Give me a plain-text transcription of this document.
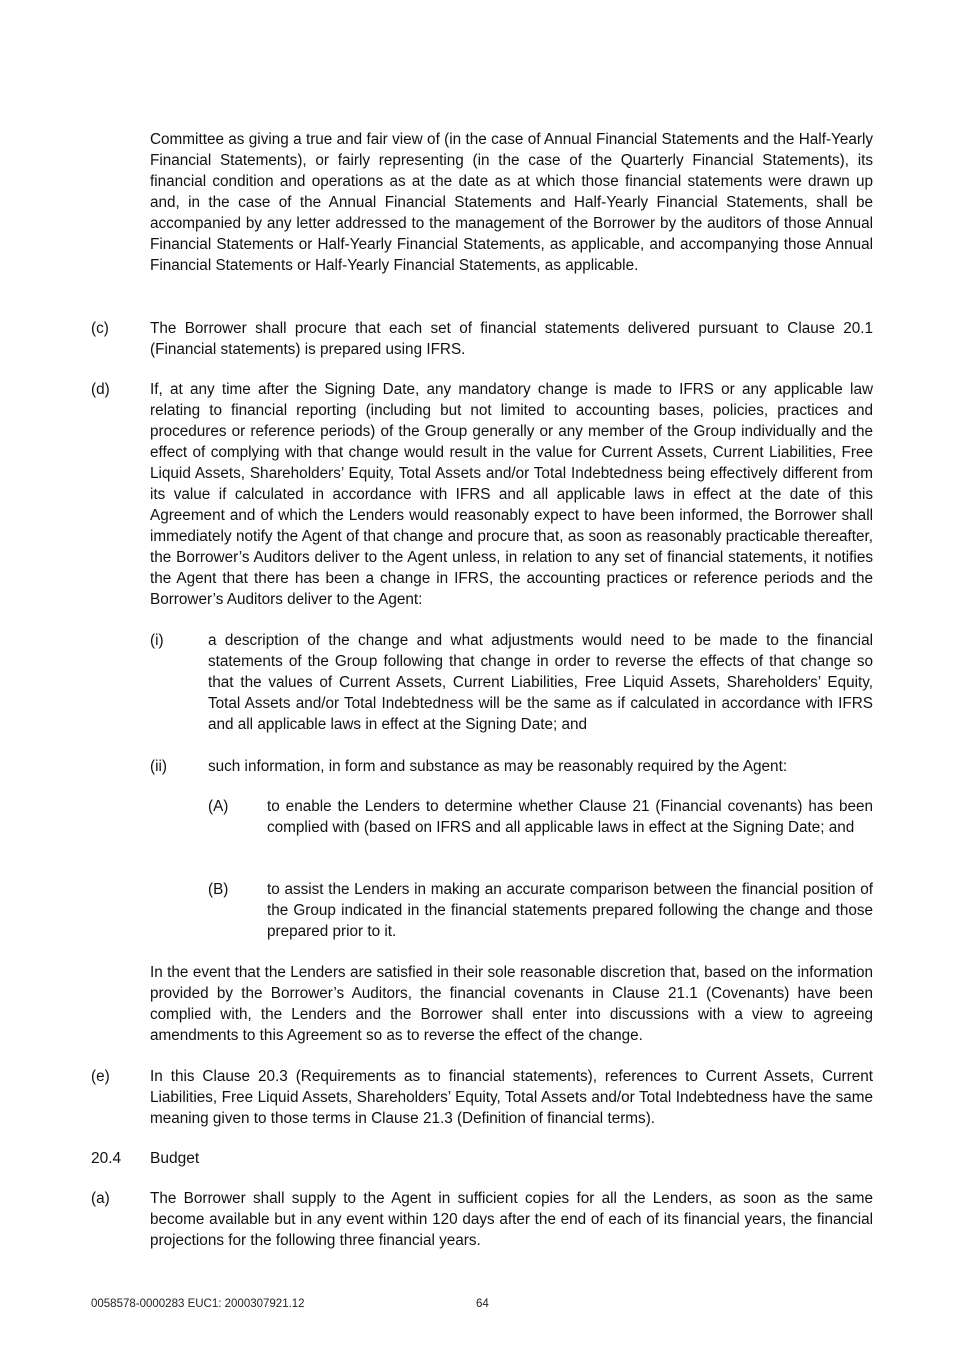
Committee as giving a true and fair view of (in the case of Annual Financial Statements and the Half-Yearly Financial Statements), or fairly representing (in the case of the Quarterly Financial Statements), its financial condition and operations as at the date as at which those financial statements were drawn up and, in the case of the Annual Financial Statements and Half-Yearly Financial Statements, shall be accompanied by any letter addressed to the management of the Borrower by the auditors of those Annual Financial Statements or Half-Yearly Financial Statements, as applicable, and accompanying those Annual Financial Statements or Half-Yearly Financial Statements, as applicable.
(c)	The Borrower shall procure that each set of financial statements delivered pursuant to Clause 20.1 (Financial statements) is prepared using IFRS.
(d)	If, at any time after the Signing Date, any mandatory change is made to IFRS or any applicable law relating to financial reporting (including but not limited to accounting bases, policies, practices and procedures or reference periods) of the Group generally or any member of the Group individually and the effect of complying with that change would result in the value for Current Assets, Current Liabilities, Free Liquid Assets, Shareholders’ Equity, Total Assets and/or Total Indebtedness being effectively different from its value if calculated in accordance with IFRS and all applicable laws in effect at the date of this Agreement and of which the Lenders would reasonably expect to have been informed, the Borrower shall immediately notify the Agent of that change and procure that, as soon as reasonably practicable thereafter, the Borrower’s Auditors deliver to the Agent unless, in relation to any set of financial statements, it notifies the Agent that there has been a change in IFRS, the accounting practices or reference periods and the Borrower’s Auditors deliver to the Agent:
(i)	a description of the change and what adjustments would need to be made to the financial statements of the Group following that change in order to reverse the effects of that change so that the values of Current Assets, Current Liabilities, Free Liquid Assets, Shareholders’ Equity, Total Assets and/or Total Indebtedness will be the same as if calculated in accordance with IFRS and all applicable laws in effect at the Signing Date; and
(ii)	such information, in form and substance as may be reasonably required by the Agent:
(A)	to enable the Lenders to determine whether Clause 21 (Financial covenants) has been complied with (based on IFRS and all applicable laws in effect at the Signing Date; and
(B)	to assist the Lenders in making an accurate comparison between the financial position of the Group indicated in the financial statements prepared following the change and those prepared prior to it.
In the event that the Lenders are satisfied in their sole reasonable discretion that, based on the information provided by the Borrower’s Auditors, the financial covenants in Clause 21.1 (Covenants) have been complied with, the Lenders and the Borrower shall enter into discussions with a view to agreeing amendments to this Agreement so as to reverse the effect of the change.
(e)	In this Clause 20.3 (Requirements as to financial statements), references to Current Assets, Current Liabilities, Free Liquid Assets, Shareholders’ Equity, Total Assets and/or Total Indebtedness have the same meaning given to those terms in Clause 21.3 (Definition of financial terms).
20.4 Budget
(a)	The Borrower shall supply to the Agent in sufficient copies for all the Lenders, as soon as the same become available but in any event within 120 days after the end of each of its financial years, the financial projections for the following three financial years.
0058578-0000283 EUC1: 2000307921.12	64
